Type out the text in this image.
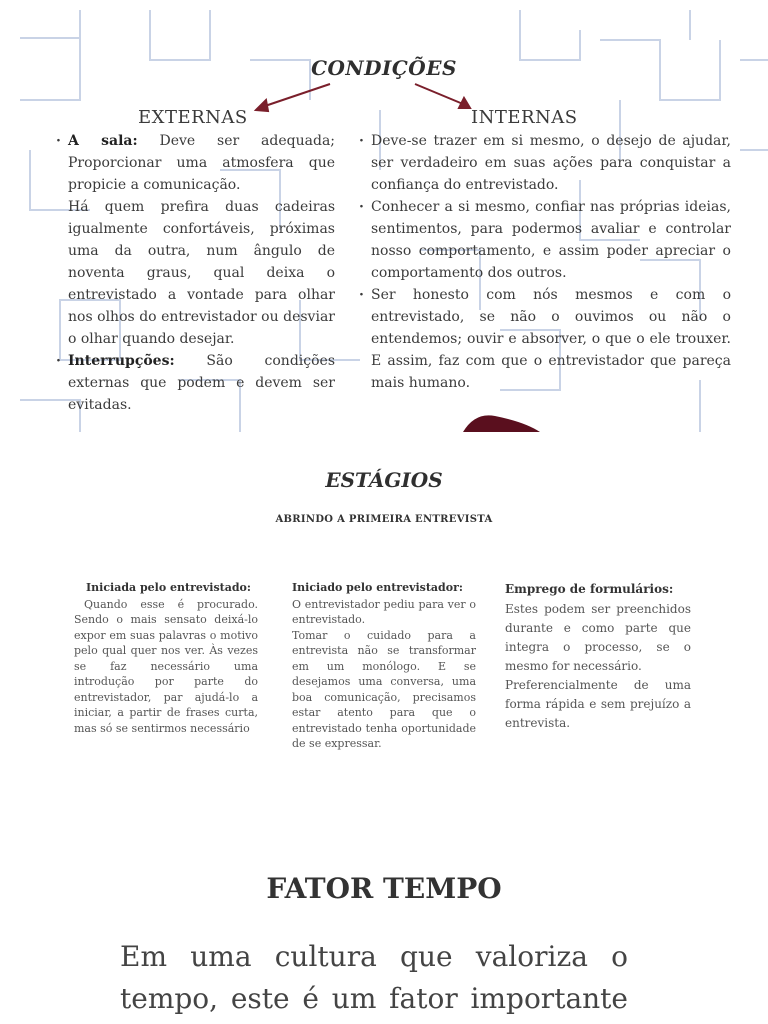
CONDIÇÕES
EXTERNAS	INTERNAS

· A sala: Deve ser adequada; Proporcionar uma atmosfera que propicie a comunicação.

Há quem prefira duas cadeiras igualmente confortáveis, próximas uma da outra, num ângulo de noventa graus, qual deixa o entrevistado a vontade para olhar nos olhos do entrevistador ou desviar o olhar quando desejar.

· Interrupções: São condições externas que podem e devem ser evitadas.

· Deve-se trazer em si mesmo, o desejo de ajudar, ser verdadeiro em suas ações para conquistar a confiança do entrevistado.

· Conhecer a si mesmo, confiar nas próprias ideias, sentimentos, para podermos avaliar e controlar nosso comportamento, e assim poder apreciar o comportamento dos outros.

· Ser honesto com nós mesmos e com o entrevistado, se não o ouvimos ou não o entendemos; ouvir e absorver, o que o ele trouxer. E assim, faz com que o entrevistador que pareça mais humano.

ESTÁGIOS
ABRINDO A PRIMEIRA ENTREVISTA
Iniciada pelo entrevistado:

Quando esse é procurado. Sendo o mais sensato deixá-lo expor em suas palavras o motivo pelo qual quer nos ver. Às vezes se faz necessário uma introdução por parte do entrevistador, par ajudá-lo a iniciar, a partir de frases curta, mas só se sentirmos necessário

Iniciado pelo entrevistador:

O entrevistador pediu para ver o entrevistado.

Tomar o cuidado para a entrevista não se transformar em um monólogo. E se desejamos uma conversa, uma boa comunicação, precisamos estar atento para que o entrevistado tenha oportunidade de se expressar.

Emprego de formulários:

Estes podem ser preenchidos durante e como parte que integra o processo, se o mesmo for necessário.

Preferencialmente de uma forma rápida e sem prejuízo a entrevista.

FATOR TEMPO
Em uma cultura que valoriza o tempo, este é um fator importante
